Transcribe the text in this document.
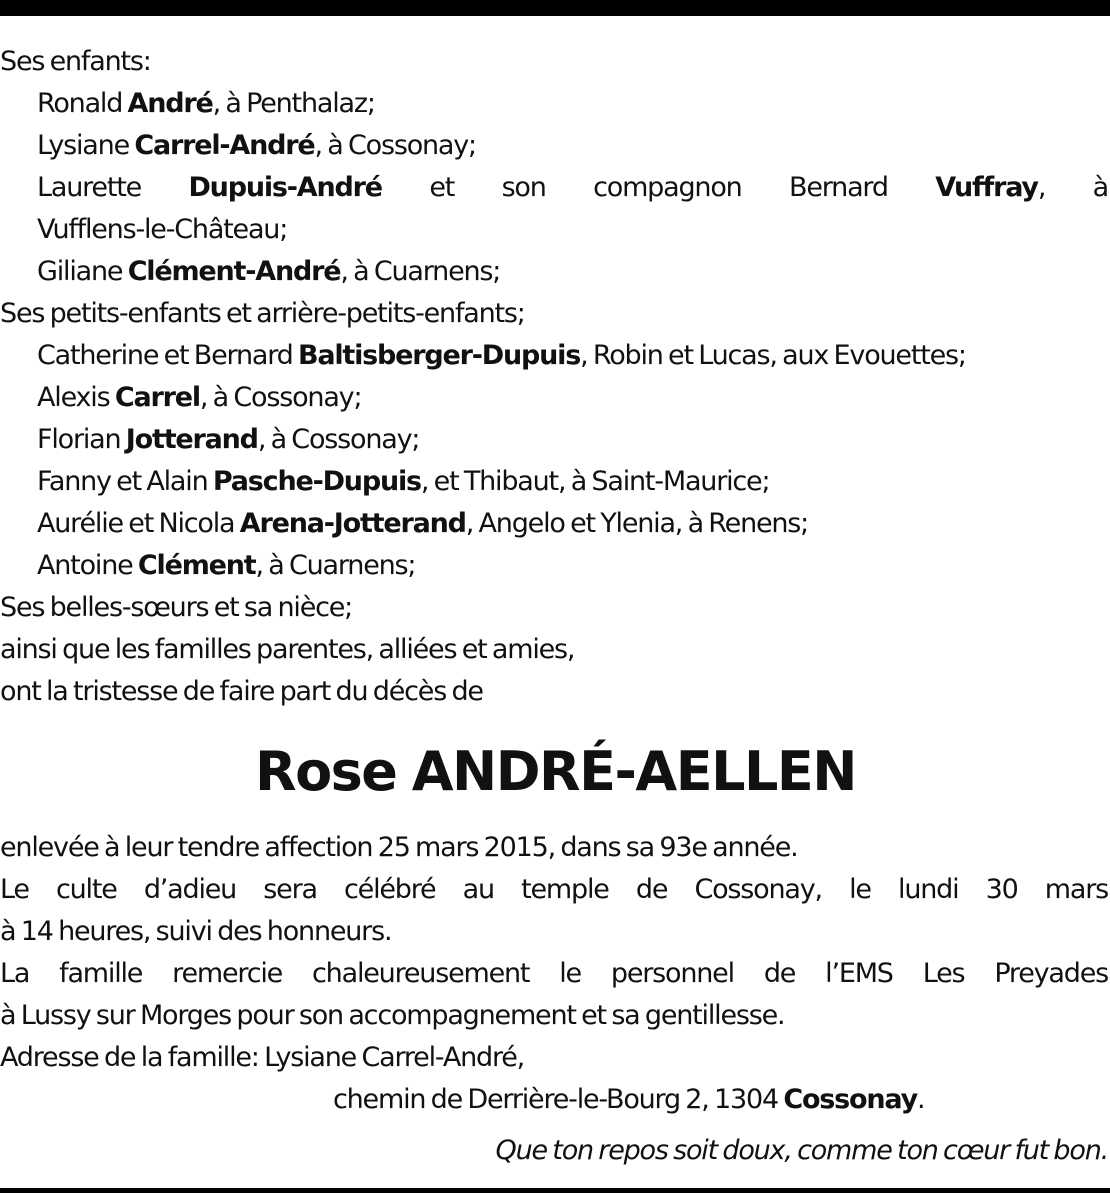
Ses enfants:
Ronald André, à Penthalaz;
Lysiane Carrel-André, à Cossonay;
Laurette Dupuis-André et son compagnon Bernard Vuffray, à
Vufflens-le-Château;
Giliane Clément-André, à Cuarnens;
Ses petits-enfants et arrière-petits-enfants;
Catherine et Bernard Baltisberger-Dupuis, Robin et Lucas, aux Evouettes;
Alexis Carrel, à Cossonay;
Florian Jotterand, à Cossonay;
Fanny et Alain Pasche-Dupuis, et Thibaut, à Saint-Maurice;
Aurélie et Nicola Arena-Jotterand, Angelo et Ylenia, à Renens;
Antoine Clément, à Cuarnens;
Ses belles-sœurs et sa nièce;
ainsi que les familles parentes, alliées et amies,
ont la tristesse de faire part du décès de
Rose ANDRÉ-AELLEN
enlevée à leur tendre affection 25 mars 2015, dans sa 93e année.
Le culte d’adieu sera célébré au temple de Cossonay, le lundi 30 mars
à 14 heures, suivi des honneurs.
La famille remercie chaleureusement le personnel de l’EMS Les Preyades
à Lussy sur Morges pour son accompagnement et sa gentillesse.
Adresse de la famille: Lysiane Carrel-André,
chemin de Derrière-le-Bourg 2, 1304 Cossonay.
Que ton repos soit doux, comme ton cœur fut bon.
